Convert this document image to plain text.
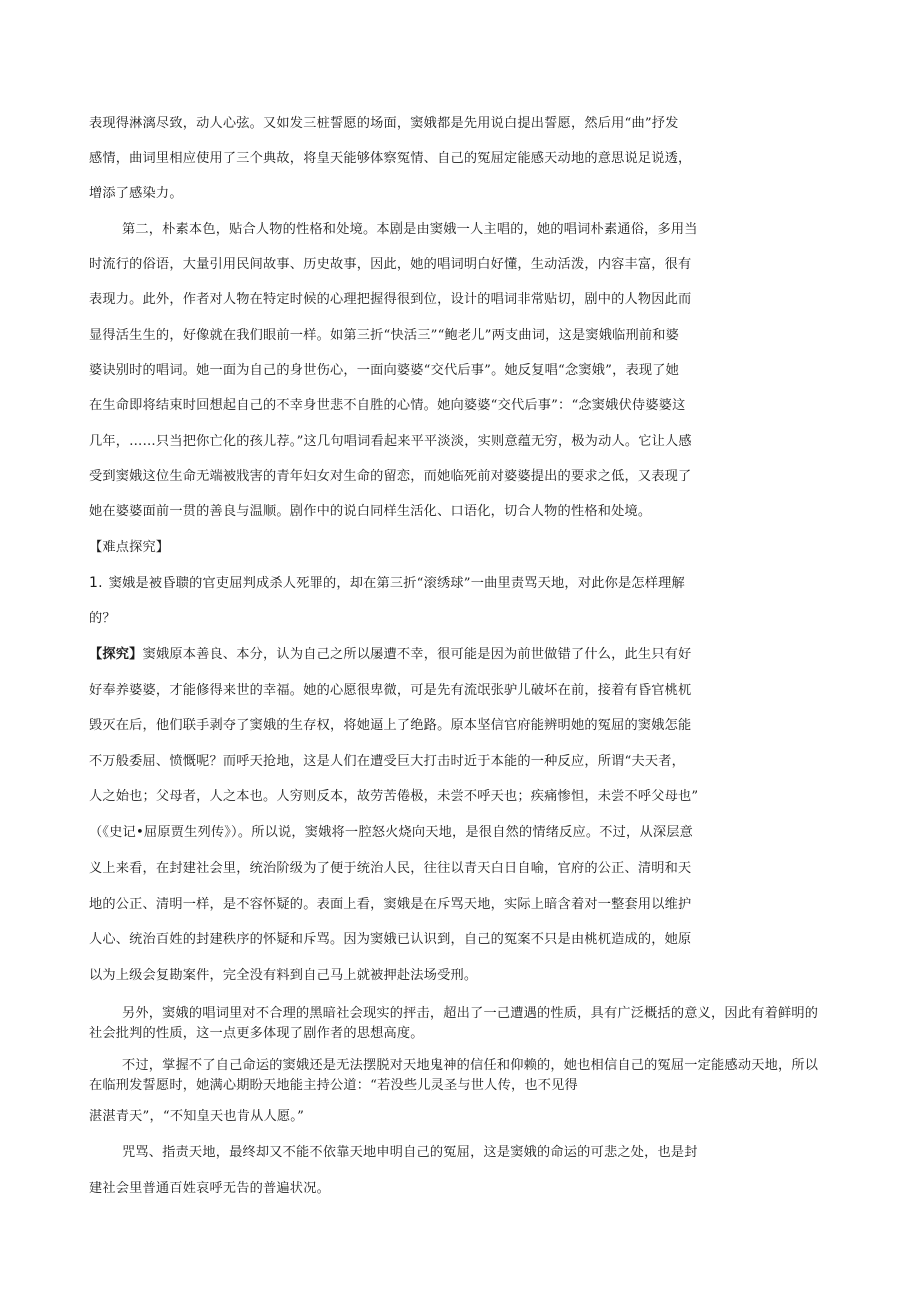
表现得淋漓尽致，动人心弦。又如发三桩誓愿的场面，窦娥都是先用说白提出誓愿，然后用“曲”抒发
感情，曲词里相应使用了三个典故，将皇天能够体察冤情、自己的冤屈定能感天动地的意思说足说透，
增添了感染力。
第二，朴素本色，贴合人物的性格和处境。本剧是由窦娥一人主唱的，她的唱词朴素通俗，多用当
时流行的俗语，大量引用民间故事、历史故事，因此，她的唱词明白好懂，生动活泼，内容丰富，很有
表现力。此外，作者对人物在特定时候的心理把握得很到位，设计的唱词非常贴切，剧中的人物因此而
显得活生生的，好像就在我们眼前一样。如第三折“快活三”“鲍老儿”两支曲词，这是窦娥临刑前和婆
婆诀别时的唱词。她一面为自己的身世伤心，一面向婆婆“交代后事”。她反复唱“念窦娥”，表现了她
在生命即将结束时回想起自己的不幸身世悲不自胜的心情。她向婆婆“交代后事”：“念窦娥伏侍婆婆这
几年，……只当把你亡化的孩儿荐。”这几句唱词看起来平平淡淡，实则意蕴无穷，极为动人。它让人感
受到窦娥这位生命无端被戕害的青年妇女对生命的留恋，而她临死前对婆婆提出的要求之低，又表现了
她在婆婆面前一贯的善良与温顺。剧作中的说白同样生活化、口语化，切合人物的性格和处境。
【难点探究】
1. 窦娥是被昏聩的官吏屈判成杀人死罪的，却在第三折“滚绣球”一曲里责骂天地，对此你是怎样理解
的？
【探究】窦娥原本善良、本分，认为自己之所以屡遭不幸，很可能是因为前世做错了什么，此生只有好
好奉养婆婆，才能修得来世的幸福。她的心愿很卑微，可是先有流氓张驴儿破坏在前，接着有昏官桃杌
毁灭在后，他们联手剥夺了窦娥的生存权，将她逼上了绝路。原本坚信官府能辨明她的冤屈的窦娥怎能
不万般委屈、愤慨呢？而呼天抢地，这是人们在遭受巨大打击时近于本能的一种反应，所谓“夫天者，
人之始也；父母者，人之本也。人穷则反本，故劳苦倦极，未尝不呼天也；疾痛惨怛，未尝不呼父母也”
（《史记•屈原贾生列传》）。所以说，窦娥将一腔怒火烧向天地，是很自然的情绪反应。不过，从深层意
义上来看，在封建社会里，统治阶级为了便于统治人民，往往以青天白日自喻，官府的公正、清明和天
地的公正、清明一样，是不容怀疑的。表面上看，窦娥是在斥骂天地，实际上暗含着对一整套用以维护
人心、统治百姓的封建秩序的怀疑和斥骂。因为窦娥已认识到，自己的冤案不只是由桃杌造成的，她原
以为上级会复勘案件，完全没有料到自己马上就被押赴法场受刑。
另外，窦娥的唱词里对不合理的黑暗社会现实的抨击，超出了一己遭遇的性质，具有广泛概括的意义，因此有着鲜明的社会批判的性质，这一点更多体现了剧作者的思想高度。
不过，掌握不了自己命运的窦娥还是无法摆脱对天地鬼神的信任和仰赖的，她也相信自己的冤屈一定能感动天地，所以在临刑发誓愿时，她满心期盼天地能主持公道：“若没些儿灵圣与世人传，也不见得
湛湛青天”，“不知皇天也肯从人愿。”
咒骂、指责天地，最终却又不能不依靠天地申明自己的冤屈，这是窦娥的命运的可悲之处，也是封
建社会里普通百姓哀呼无告的普遍状况。
